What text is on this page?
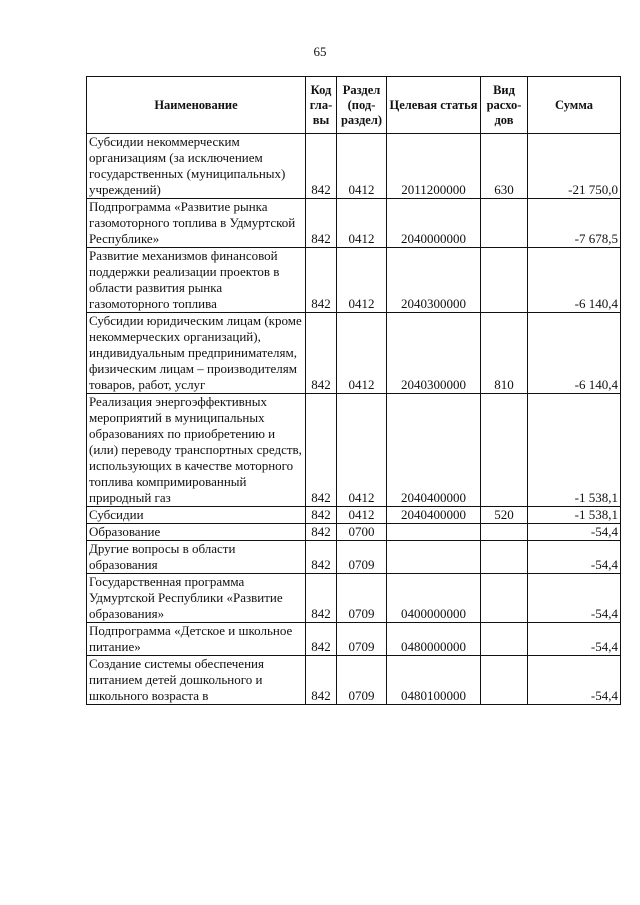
65
Наименование	Код гла- вы	Раздел (под- раздел)	Целевая статья	Вид расхо- дов	Сумма
Субсидии некоммерческим организациям (за исключением государственных (муниципальных) учреждений)	842	0412	2011200000	630	-21 750,0
Подпрограмма «Развитие рынка газомоторного топлива в Удмуртской Республике»	842	0412	2040000000		-7 678,5
Развитие механизмов финансовой поддержки реализации проектов в области развития рынка газомоторного топлива	842	0412	2040300000		-6 140,4
Субсидии юридическим лицам (кроме некоммерческих организаций), индивидуальным предпринимателям, физическим лицам – производителям товаров, работ, услуг	842	0412	2040300000	810	-6 140,4
Реализация энергоэффективных мероприятий в муниципальных образованиях по приобретению и (или) переводу транспортных средств, использующих в качестве моторного топлива компримированный природный газ	842	0412	2040400000		-1 538,1
Субсидии	842	0412	2040400000	520	-1 538,1
Образование	842	0700			-54,4
Другие вопросы в области образования	842	0709			-54,4
Государственная программа Удмуртской Республики «Развитие образования»	842	0709	0400000000		-54,4
Подпрограмма «Детское и школьное питание»	842	0709	0480000000		-54,4
Создание системы обеспечения питанием детей дошкольного и школьного возраста в	842	0709	0480100000		-54,4
